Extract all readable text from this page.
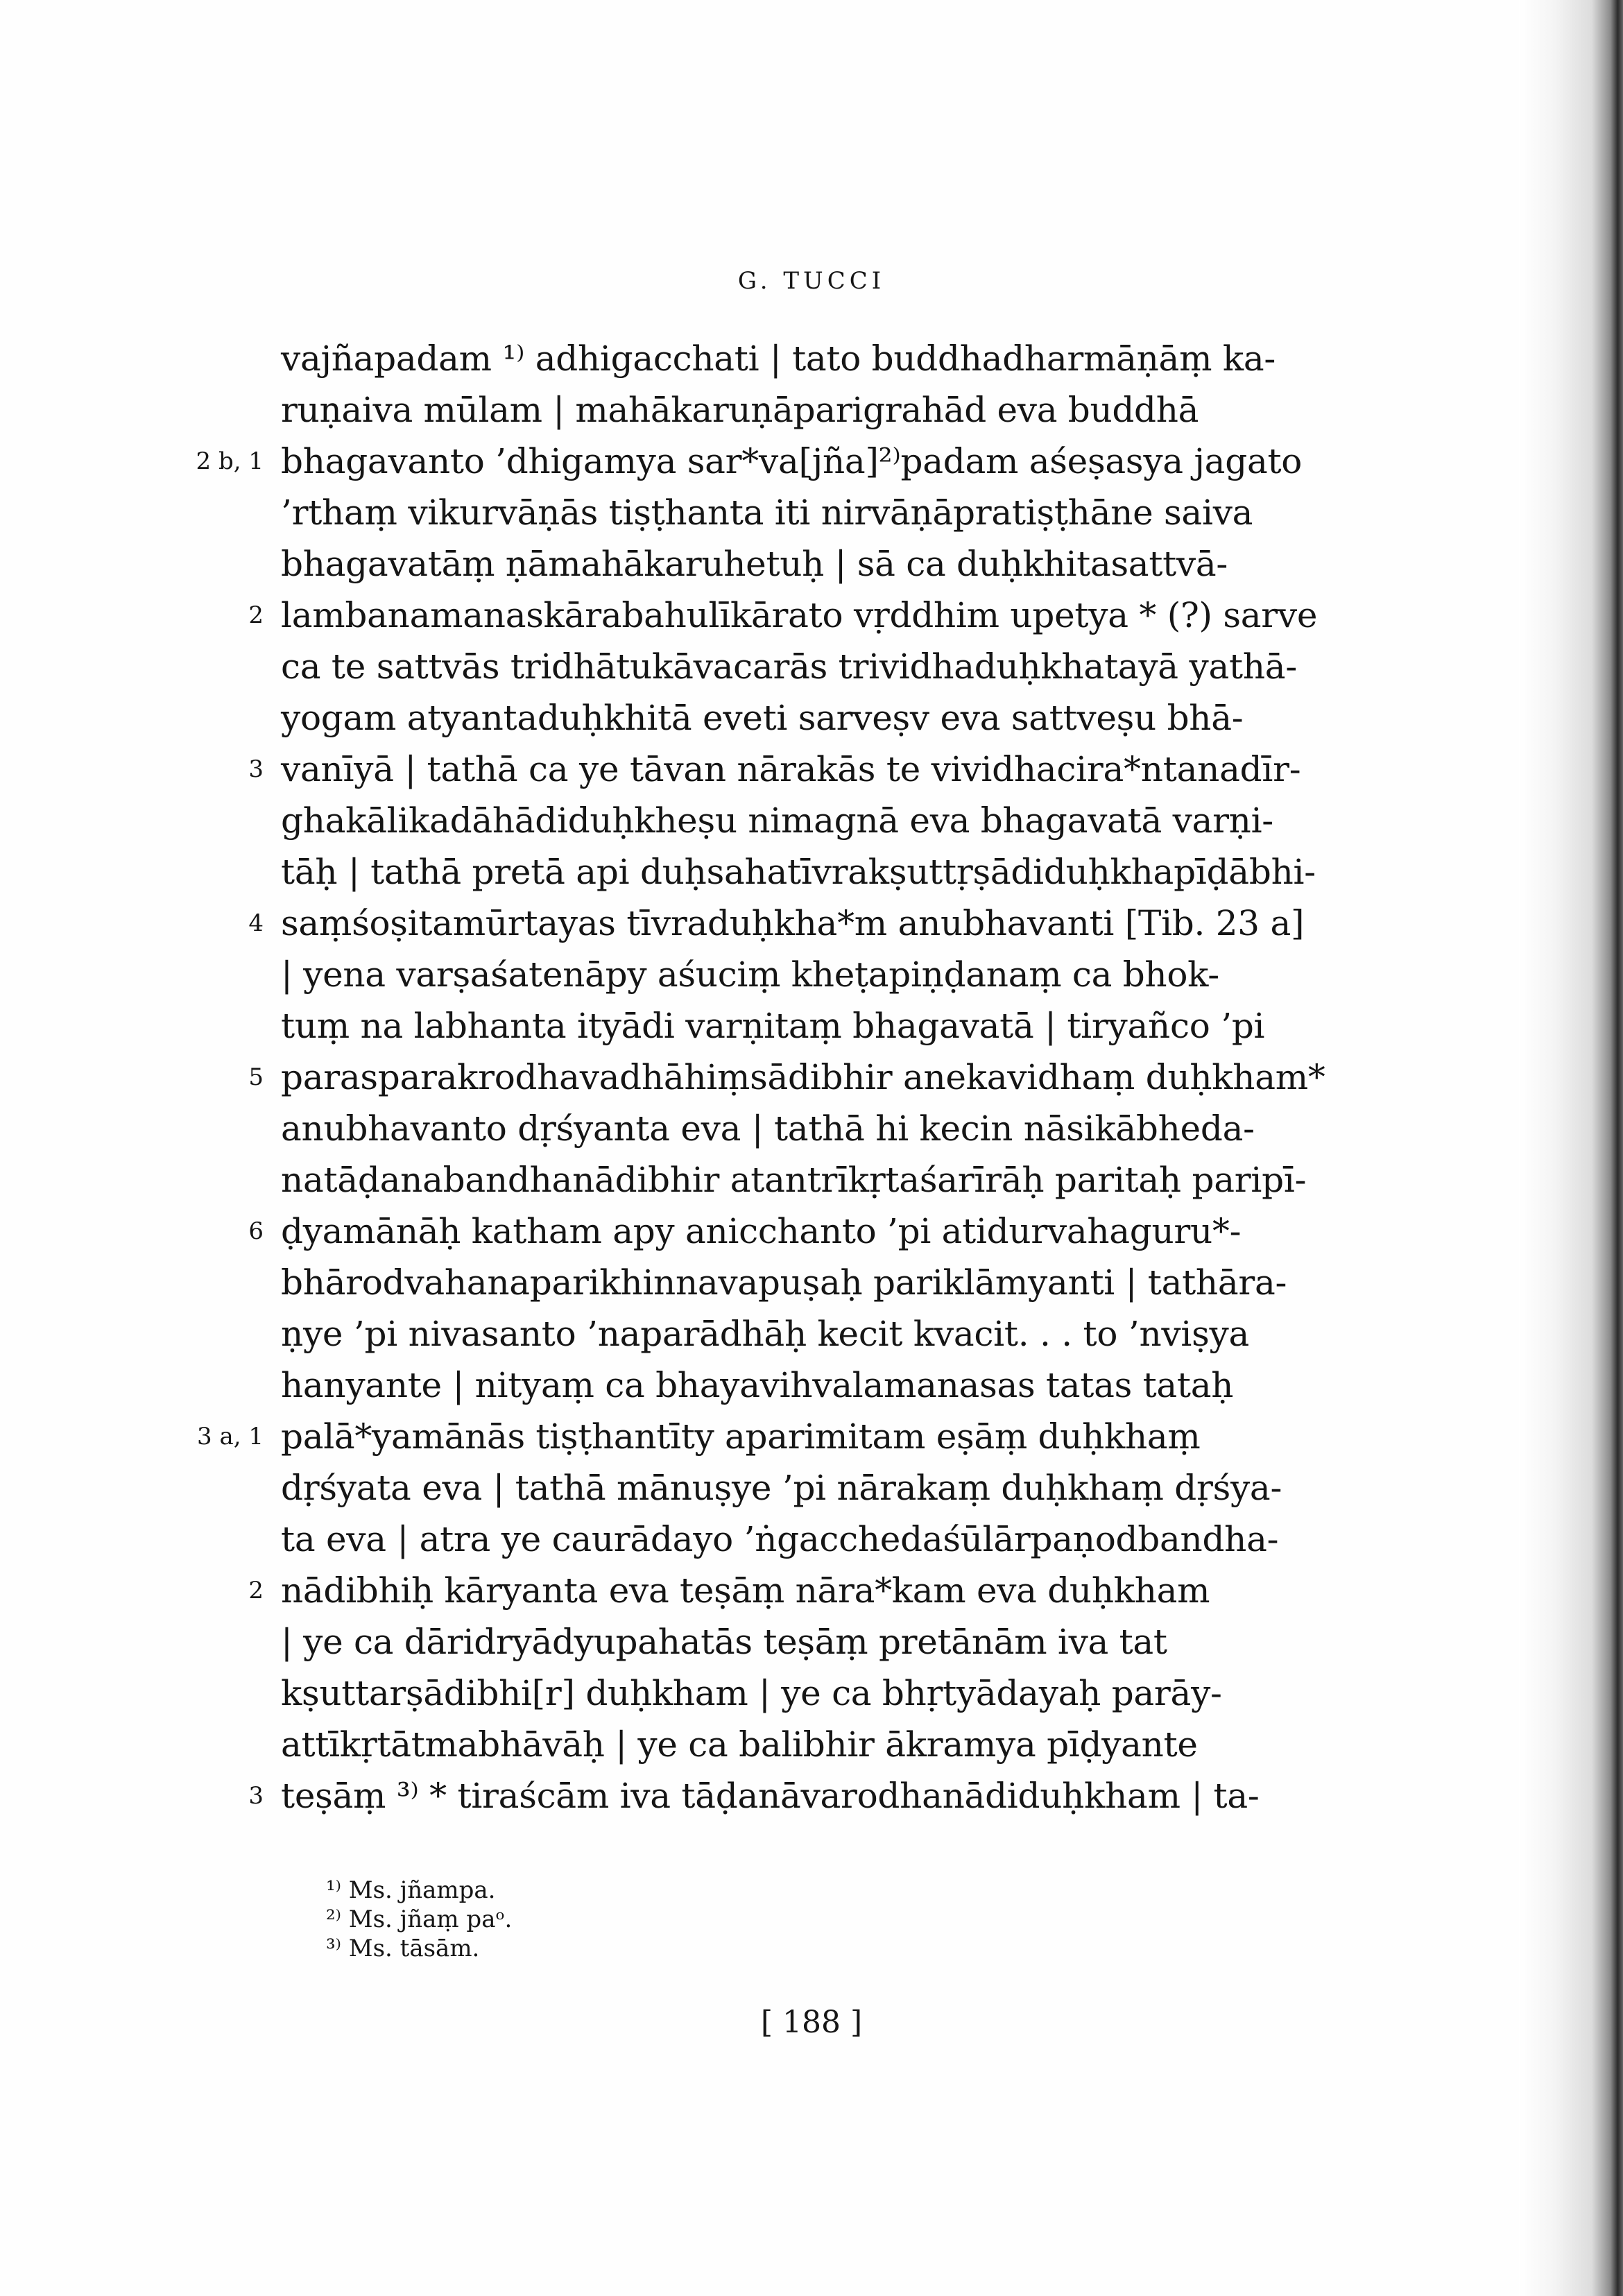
G. TUCCI
vajñapadam ¹⁾ adhigacchati | tato buddhadharmāṇāṃ ka-
ruṇaiva mūlam | mahākaruṇāparigrahād eva buddhā
2 b, 1 bhagavanto ’dhigamya sar*va[jña]²⁾padam aśeṣasya jagato
’rthaṃ vikurvāṇās tiṣṭhanta iti nirvāṇāpratiṣṭhāne saiva
bhagavatāṃ ṇāmahākaruhetuḥ | sā ca duḥkhitasattvā-
2 lambanamanaskārabahulīkārato vṛddhim upetya * (?) sarve
ca te sattvās tridhātukāvacarās trividhaduḥkhatayā yathā-
yogam atyantaduḥkhitā eveti sarveṣv eva sattveṣu bhā-
3 vanīyā | tathā ca ye tāvan nārakās te vividhacira*ntanadīr-
ghakālikadāhādiduḥkheṣu nimagnā eva bhagavatā varṇi-
tāḥ | tathā pretā api duḥsahatīvrakṣuttṛṣādiduḥkhapīḍābhi-
4 saṃśoṣitamūrtayas tīvraduḥkha*m anubhavanti [Tib. 23 a]
| yena varṣaśatenāpy aśuciṃ kheṭapiṇḍanaṃ ca bhok-
tuṃ na labhanta ityādi varṇitaṃ bhagavatā | tiryañco ’pi
5 parasparakrodhavadhāhiṃsādibhir anekavidhaṃ duḥkham*
anubhavanto dṛśyanta eva | tathā hi kecin nāsikābheda-
natāḍanabandhanādibhir atantrīkṛtaśarīrāḥ paritaḥ paripī-
6 ḍyamānāḥ katham apy anicchanto ’pi atidurvahaguru*-
bhārodvahanaparikhinnavapuṣaḥ pariklāmyanti | tathāra-
ṇye ’pi nivasanto ’naparādhāḥ kecit kvacit. . . to ’nviṣya
hanyante | nityaṃ ca bhayavihvalamanasas tatas tataḥ
3 a, 1 palā*yamānās tiṣṭhantīty aparimitam eṣāṃ duḥkhaṃ
dṛśyata eva | tathā mānuṣye ’pi nārakaṃ duḥkhaṃ dṛśya-
ta eva | atra ye caurādayo ’ṅgacchedaśūlārpaṇodbandha-
2 nādibhiḥ kāryanta eva teṣāṃ nāra*kam eva duḥkham
| ye ca dāridryādyupahatās teṣāṃ pretānām iva tat
kṣuttarṣādibhi[r] duḥkham | ye ca bhṛtyādayaḥ parāy-
attīkṛtātmabhāvāḥ | ye ca balibhir ākramya pīḍyante
3 teṣāṃ ³⁾ * tiraścām iva tāḍanāvarodhanādiduḥkham | ta-
¹⁾ Ms. jñampa.
²⁾ Ms. jñaṃ paᵒ.
³⁾ Ms. tāsām.
[ 188 ]
